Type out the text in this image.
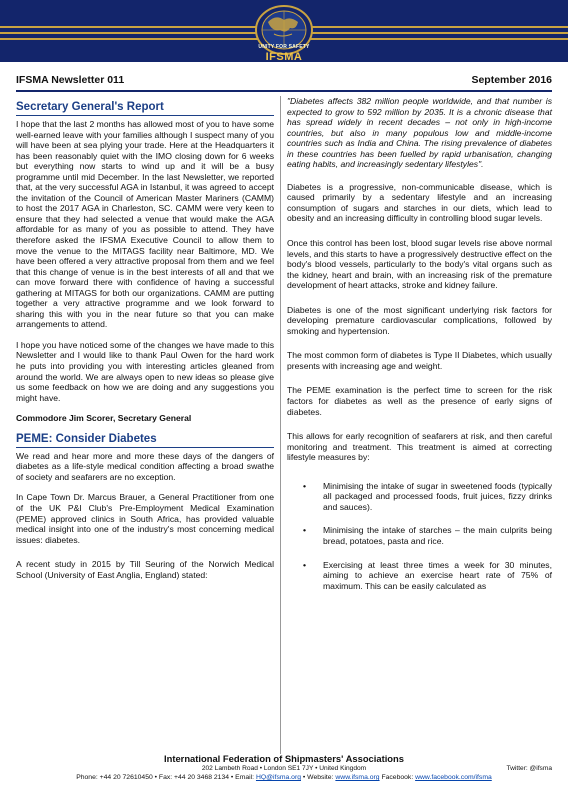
UNITY FOR SAFETY
IFSMA
IFSMA Newsletter 011	September 2016
Secretary General's Report

I hope that the last 2 months has allowed most of you to have some well-earned leave with your families although I suspect many of you will have been at sea plying your trade. Here at the Headquarters it has been reasonably quiet with the IMO closing down for 6 weeks but everything now starts to wind up and it will be a busy programme until mid December. In the last Newsletter, we reported that, at the very successful AGA in Istanbul, it was agreed to accept the invitation of the Council of American Master Mariners (CAMM) to host the 2017 AGA in Charleston, SC. CAMM were very keen to ensure that they had selected a venue that would make the AGA affordable for as many of you as possible to attend. They have therefore asked the IFSMA Executive Council to allow them to move the venue to the MITAGS facility near Baltimore, MD. We have been offered a very attractive proposal from them and we feel that this change of venue is in the best interests of all and that we can move forward there with confidence of having a successful gathering at MITAGS for both our organizations. CAMM are putting together a very attractive programme and we look forward to sharing this with you in the near future so that you can make arrangements to attend.

I hope you have noticed some of the changes we have made to this Newsletter and I would like to thank Paul Owen for the hard work he puts into providing you with interesting articles gleaned from around the world. We are always open to new ideas so please give us some feedback on how we are doing and any suggestions you might have.

Commodore Jim Scorer, Secretary General
PEME: Consider Diabetes

We read and hear more and more these days of the dangers of diabetes as a life-style medical condition affecting a broad swathe of society and seafarers are no exception.

In Cape Town Dr. Marcus Brauer, a General Practitioner from one of the UK P&I Club's Pre-Employment Medical Examination (PEME) approved clinics in South Africa, has provided valuable medical insight into one of the industry's most concerning medical issues: diabetes.

A recent study in 2015 by Till Seuring of the Norwich Medical School (University of East Anglia, England) stated:

"Diabetes affects 382 million people worldwide, and that number is expected to grow to 592 million by 2035. It is a chronic disease that has spread widely in recent decades – not only in high-income countries, but also in many populous low and middle-income countries such as India and China. The rising prevalence of diabetes in these countries has been fuelled by rapid urbanisation, changing eating habits, and increasingly sedentary lifestyles".

Diabetes is a progressive, non-communicable disease, which is caused primarily by a sedentary lifestyle and an increasing consumption of sugars and starches in our diets, which lead to obesity and an increasing difficulty in controlling blood sugar levels.

Once this control has been lost, blood sugar levels rise above normal levels, and this starts to have a progressively destructive effect on the body's blood vessels, particularly to the body's vital organs such as the kidney, heart and brain, with an increasing risk of the premature development of heart attacks, stroke and kidney failure.

Diabetes is one of the most significant underlying risk factors for developing premature cardiovascular complications, followed by smoking and hypertension.

The most common form of diabetes is Type II Diabetes, which usually presents with increasing age and weight.

The PEME examination is the perfect time to screen for the risk factors for diabetes as well as the presence of early signs of diabetes.

This allows for early recognition of seafarers at risk, and then careful monitoring and treatment. This treatment is aimed at correcting lifestyle measures by:

• Minimising the intake of sugar in sweetened foods (typically all packaged and processed foods, fruit juices, fizzy drinks and sauces).
• Minimising the intake of starches – the main culprits being bread, potatoes, pasta and rice.
• Exercising at least three times a week for 30 minutes, aiming to achieve an exercise heart rate of 75% of maximum. This can be easily calculated as
International Federation of Shipmasters' Associations
202 Lambeth Road • London SE1 7JY • United Kingdom	Twitter: @ifsma
Phone: +44 20 72610450 • Fax: +44 20 3468 2134 • Email: HQ@ifsma.org • Website: www.ifsma.org Facebook: www.facebook.com/ifsma
